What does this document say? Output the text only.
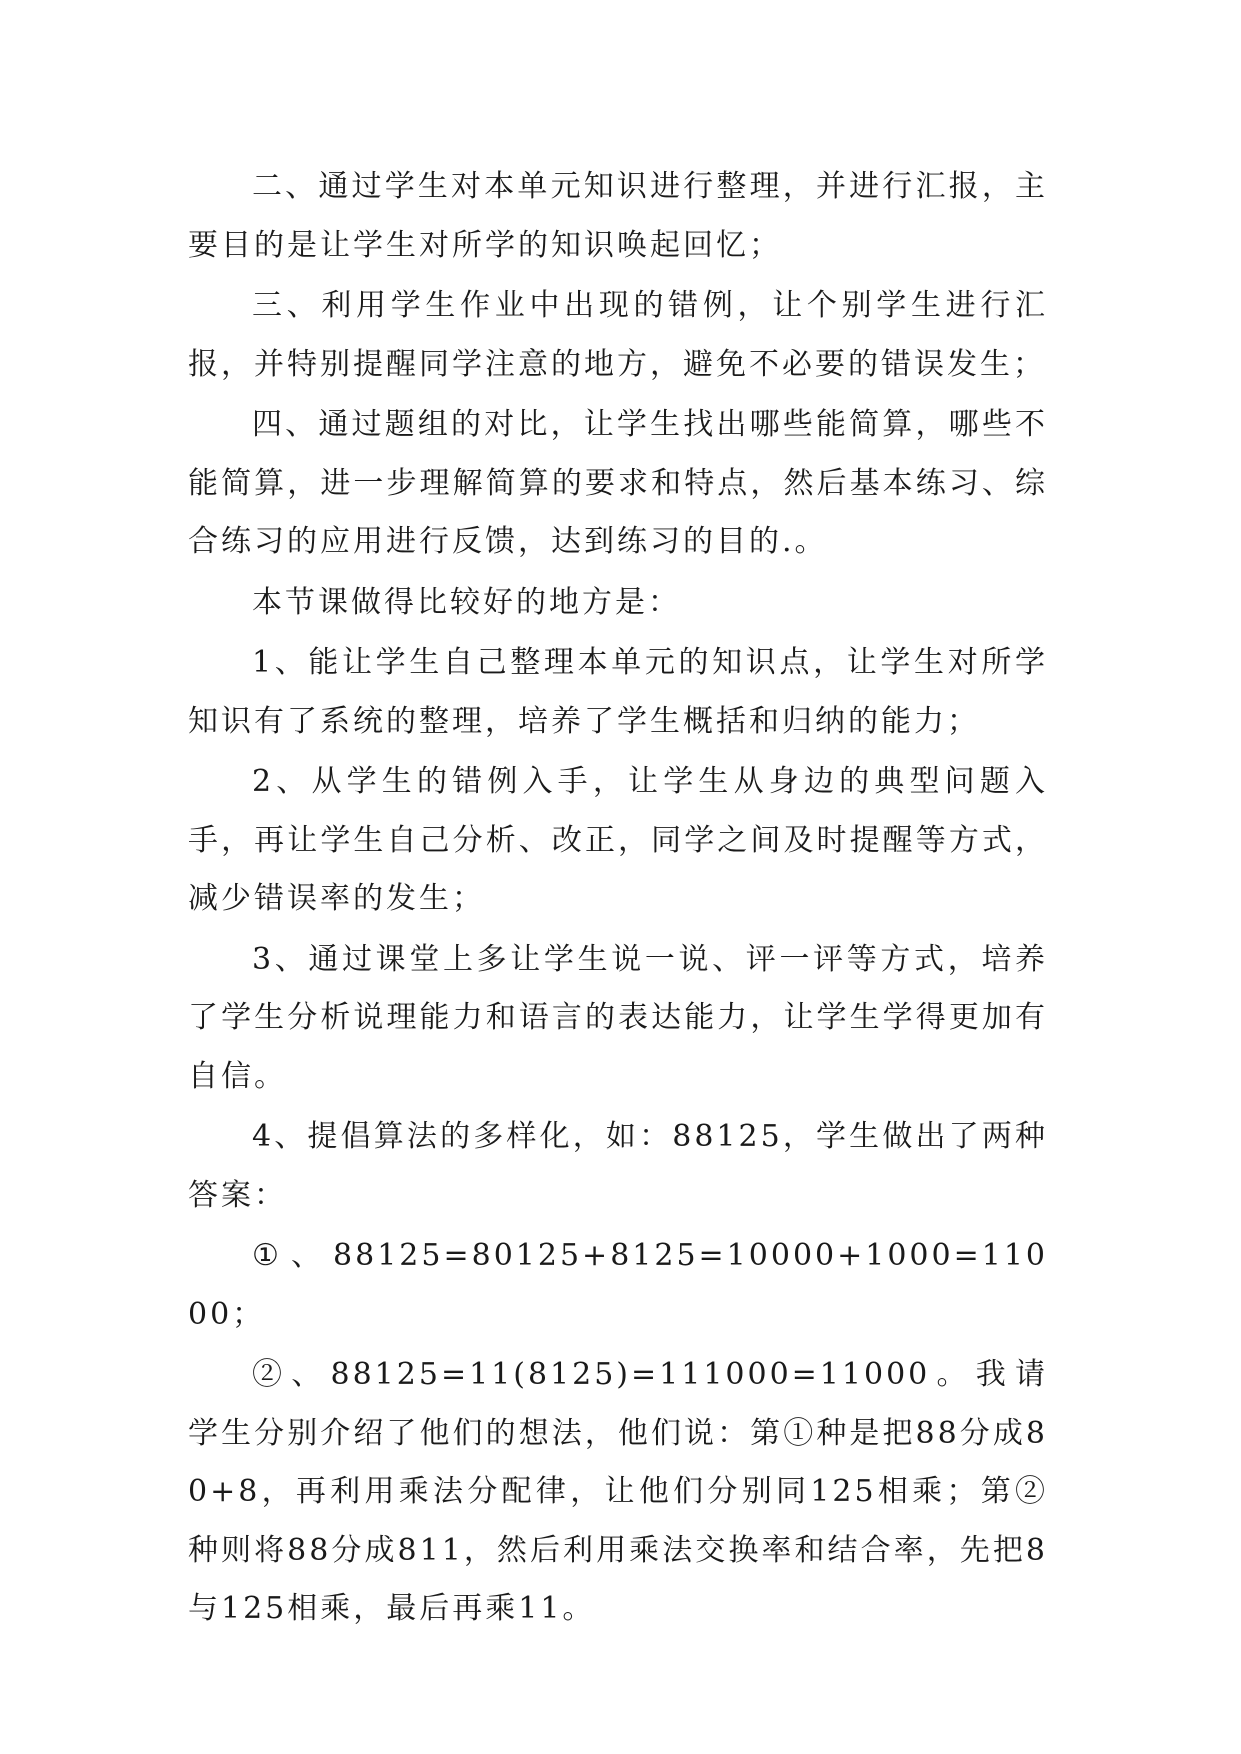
二、通过学生对本单元知识进行整理，并进行汇报，主要目的是让学生对所学的知识唤起回忆；

三、利用学生作业中出现的错例，让个别学生进行汇报，并特别提醒同学注意的地方，避免不必要的错误发生；

四、通过题组的对比，让学生找出哪些能简算，哪些不能简算，进一步理解简算的要求和特点，然后基本练习、综合练习的应用进行反馈，达到练习的目的.。

本节课做得比较好的地方是：

1、能让学生自己整理本单元的知识点，让学生对所学知识有了系统的整理，培养了学生概括和归纳的能力；

2、从学生的错例入手，让学生从身边的典型问题入手，再让学生自己分析、改正，同学之间及时提醒等方式，减少错误率的发生；

3、通过课堂上多让学生说一说、评一评等方式，培养了学生分析说理能力和语言的表达能力，让学生学得更加有自信。

4、提倡算法的多样化，如：88125，学生做出了两种答案：

①、88125=80125+8125=10000+1000=11000；

②、88125=11(8125)=111000=11000。我请学生分别介绍了他们的想法，他们说：第①种是把88分成80+8，再利用乘法分配律，让他们分别同125相乘；第②种则将88分成811，然后利用乘法交换率和结合率，先把8与125相乘，最后再乘11。
